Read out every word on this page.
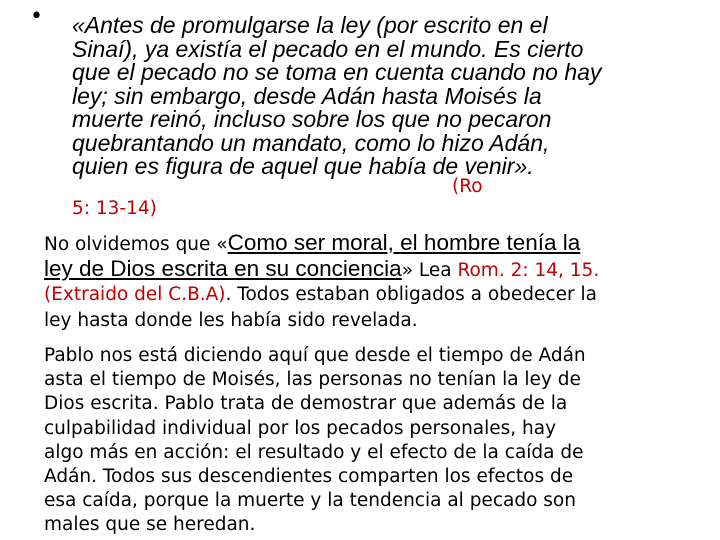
• «Antes de promulgarse la ley (por escrito en el
Sinaí), ya existía el pecado en el mundo. Es cierto
que el pecado no se toma en cuenta cuando no hay
ley; sin embargo, desde Adán hasta Moisés la
muerte reinó, incluso sobre los que no pecaron
quebrantando un mandato, como lo hizo Adán,
quien es figura de aquel que había de venir».
(Ro
5: 13-14)
No olvidemos que «Como ser moral, el hombre tenía la
ley de Dios escrita en su conciencia» Lea Rom. 2: 14, 15.
(Extraido del C.B.A). Todos estaban obligados a obedecer la
ley hasta donde les había sido revelada.
Pablo nos está diciendo aquí que desde el tiempo de Adán
asta el tiempo de Moisés, las personas no tenían la ley de
Dios escrita. Pablo trata de demostrar que además de la
culpabilidad individual por los pecados personales, hay
algo más en acción: el resultado y el efecto de la caída de
Adán. Todos sus descendientes comparten los efectos de
esa caída, porque la muerte y la tendencia al pecado son
males que se heredan.
